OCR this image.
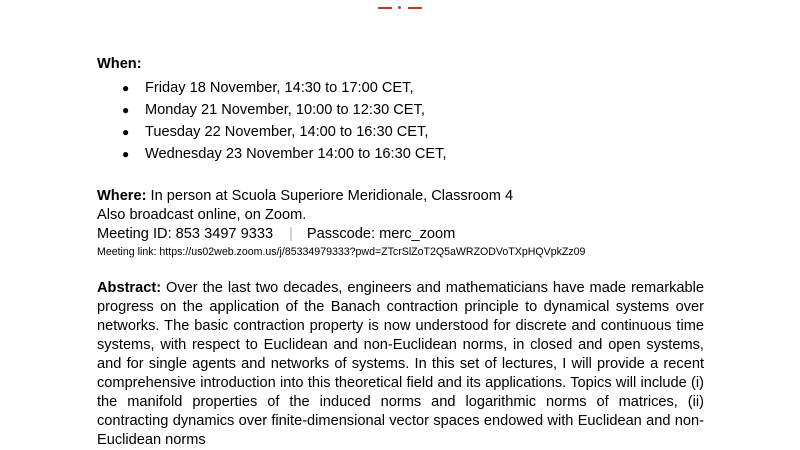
When:
● Friday 18 November, 14:30 to 17:00 CET,
● Monday 21 November, 10:00 to 12:30 CET,
● Tuesday 22 November, 14:00 to 16:30 CET,
● Wednesday 23 November 14:00 to 16:30 CET,
Where: In person at Scuola Superiore Meridionale, Classroom 4
Also broadcast online, on Zoom.
Meeting ID: 853 3497 9333 | Passcode: merc_zoom
Meeting link: https://us02web.zoom.us/j/85334979333?pwd=ZTcrSlZoT2Q5aWRZODVoTXpHQVpkZz09
Abstract: Over the last two decades, engineers and mathematicians have made remarkable progress on the application of the Banach contraction principle to dynamical systems over networks. The basic contraction property is now understood for discrete and continuous time systems, with respect to Euclidean and non-Euclidean norms, in closed and open systems, and for single agents and networks of systems. In this set of lectures, I will provide a recent comprehensive introduction into this theoretical field and its applications. Topics will include (i) the manifold properties of the induced norms and logarithmic norms of matrices, (ii) contracting dynamics over finite-dimensional vector spaces endowed with Euclidean and non-Euclidean norms
